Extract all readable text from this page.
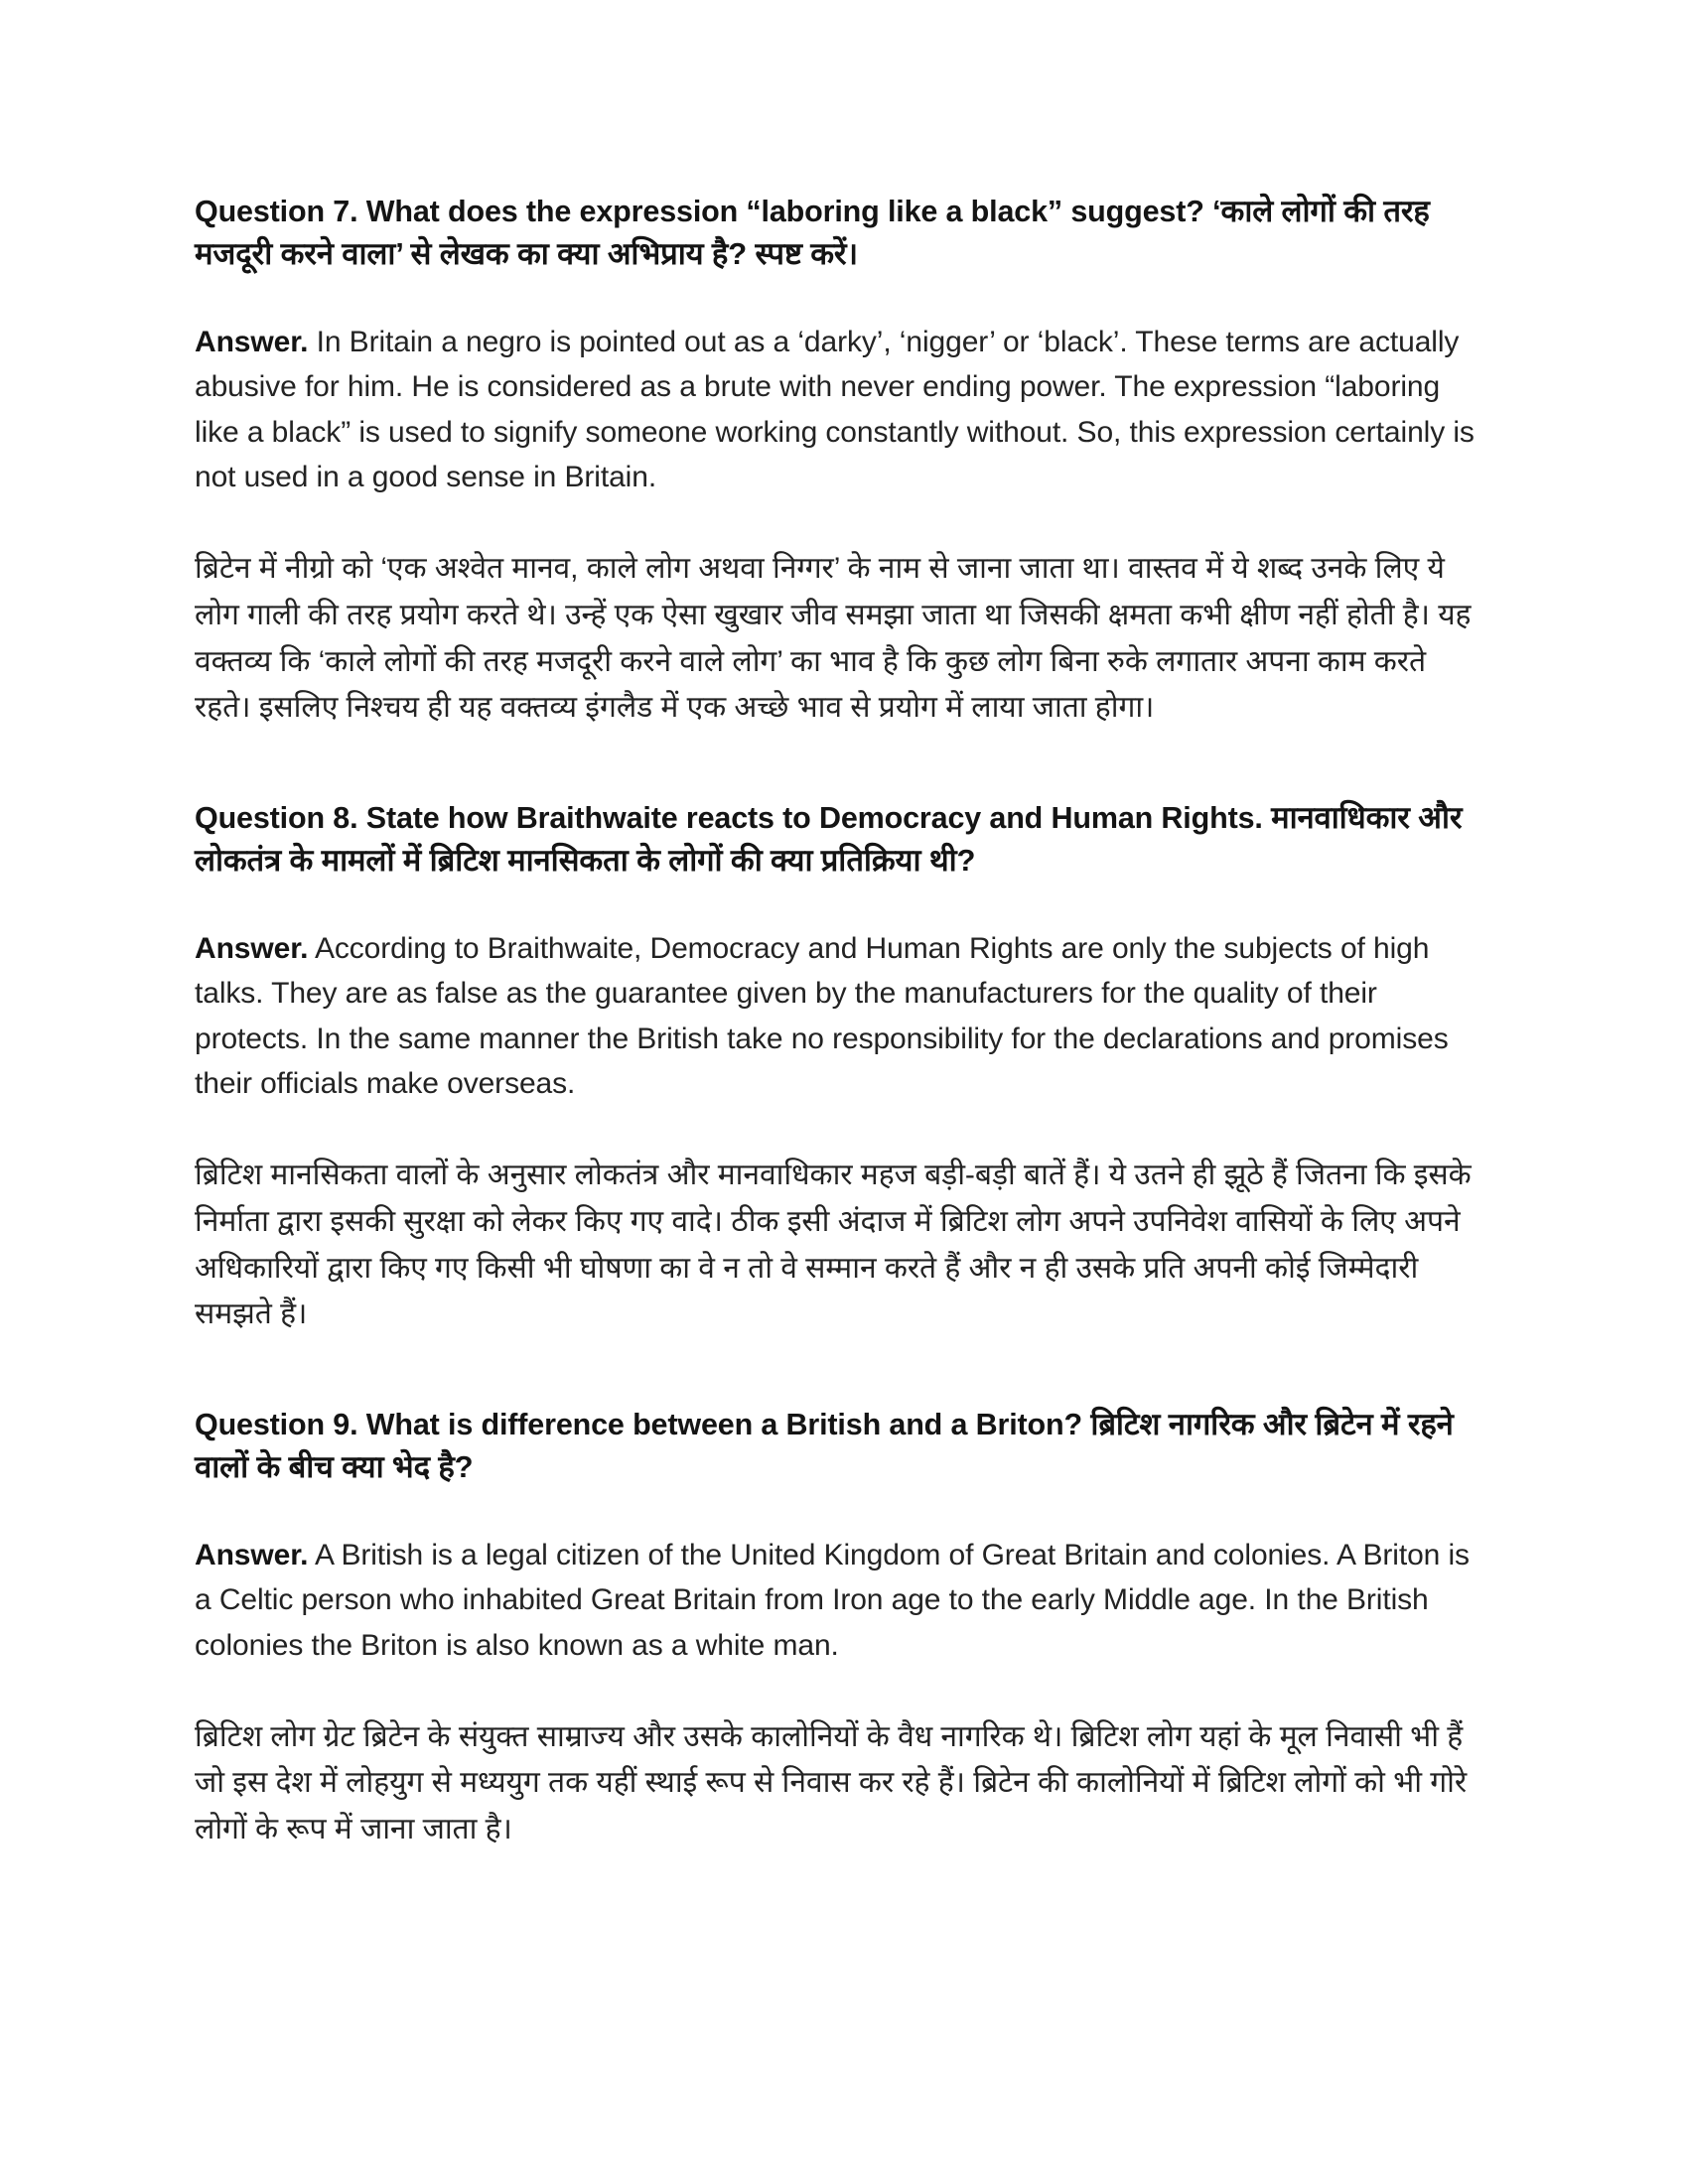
Question 7. What does the expression “laboring like a black” suggest? ‘काले लोगों की तरह मजदूरी करने वाला’ से लेखक का क्या अभिप्राय है? स्पष्ट करें।

Answer. In Britain a negro is pointed out as a ‘darky’, ‘nigger’ or ‘black’. These terms are actually abusive for him. He is considered as a brute with never ending power. The expression “laboring like a black” is used to signify someone working constantly without. So, this expression certainly is not used in a good sense in Britain.

ब्रिटेन में नीग्रो को ‘एक अश्वेत मानव, काले लोग अथवा निग्गर’ के नाम से जाना जाता था। वास्तव में ये शब्द उनके लिए ये लोग गाली की तरह प्रयोग करते थे। उन्हें एक ऐसा खुखार जीव समझा जाता था जिसकी क्षमता कभी क्षीण नहीं होती है। यह वक्तव्य कि ‘काले लोगों की तरह मजदूरी करने वाले लोग’ का भाव है कि कुछ लोग बिना रुके लगातार अपना काम करते रहते। इसलिए निश्चय ही यह वक्तव्य इंगलैड में एक अच्छे भाव से प्रयोग में लाया जाता होगा।

Question 8. State how Braithwaite reacts to Democracy and Human Rights. मानवाधिकार और लोकतंत्र के मामलों में ब्रिटिश मानसिकता के लोगों की क्या प्रतिक्रिया थी?

Answer. According to Braithwaite, Democracy and Human Rights are only the subjects of high talks. They are as false as the guarantee given by the manufacturers for the quality of their protects. In the same manner the British take no responsibility for the declarations and promises their officials make overseas.

ब्रिटिश मानसिकता वालों के अनुसार लोकतंत्र और मानवाधिकार महज बड़ी-बड़ी बातें हैं। ये उतने ही झूठे हैं जितना कि इसके निर्माता द्वारा इसकी सुरक्षा को लेकर किए गए वादे। ठीक इसी अंदाज में ब्रिटिश लोग अपने उपनिवेश वासियों के लिए अपने अधिकारियों द्वारा किए गए किसी भी घोषणा का वे न तो वे सम्मान करते हैं और न ही उसके प्रति अपनी कोई जिम्मेदारी समझते हैं।

Question 9. What is difference between a British and a Briton? ब्रिटिश नागरिक और ब्रिटेन में रहने वालों के बीच क्या भेद है?

Answer. A British is a legal citizen of the United Kingdom of Great Britain and colonies. A Briton is a Celtic person who inhabited Great Britain from Iron age to the early Middle age. In the British colonies the Briton is also known as a white man.

ब्रिटिश लोग ग्रेट ब्रिटेन के संयुक्त साम्राज्य और उसके कालोनियों के वैध नागरिक थे। ब्रिटिश लोग यहां के मूल निवासी भी हैं जो इस देश में लोहयुग से मध्ययुग तक यहीं स्थाई रूप से निवास कर रहे हैं। ब्रिटेन की कालोनियों में ब्रिटिश लोगों को भी गोरे लोगों के रूप में जाना जाता है।
